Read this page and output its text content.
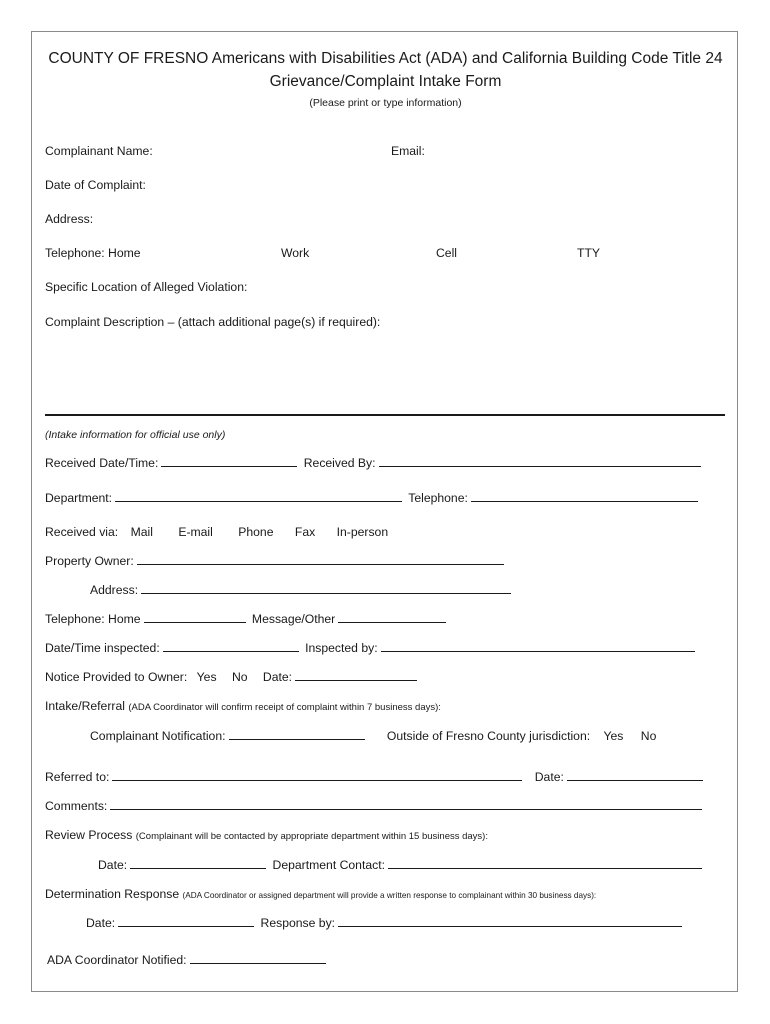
COUNTY OF FRESNO Americans with Disabilities Act (ADA) and California Building Code Title 24
Grievance/Complaint Intake Form
(Please print or type information)
Complainant Name:	Email:
Date of Complaint:
Address:
Telephone: Home	Work	Cell	TTY
Specific Location of Alleged Violation:
Complaint Description – (attach additional page(s) if required):
(Intake information for official use only)
Received Date/Time:	Received By:
Department:	Telephone:
Received via: Mail E-mail Phone Fax In-person
Property Owner:
Address:
Telephone: Home	Message/Other
Date/Time inspected:	Inspected by:
Notice Provided to Owner: Yes No Date:
Intake/Referral (ADA Coordinator will confirm receipt of complaint within 7 business days):
Complainant Notification:	Outside of Fresno County jurisdiction: Yes No
Referred to:	Date:
Comments:
Review Process (Complainant will be contacted by appropriate department within 15 business days):
Date:	Department Contact:
Determination Response (ADA Coordinator or assigned department will provide a written response to complainant within 30 business days):
Date:	Response by:
ADA Coordinator Notified:
